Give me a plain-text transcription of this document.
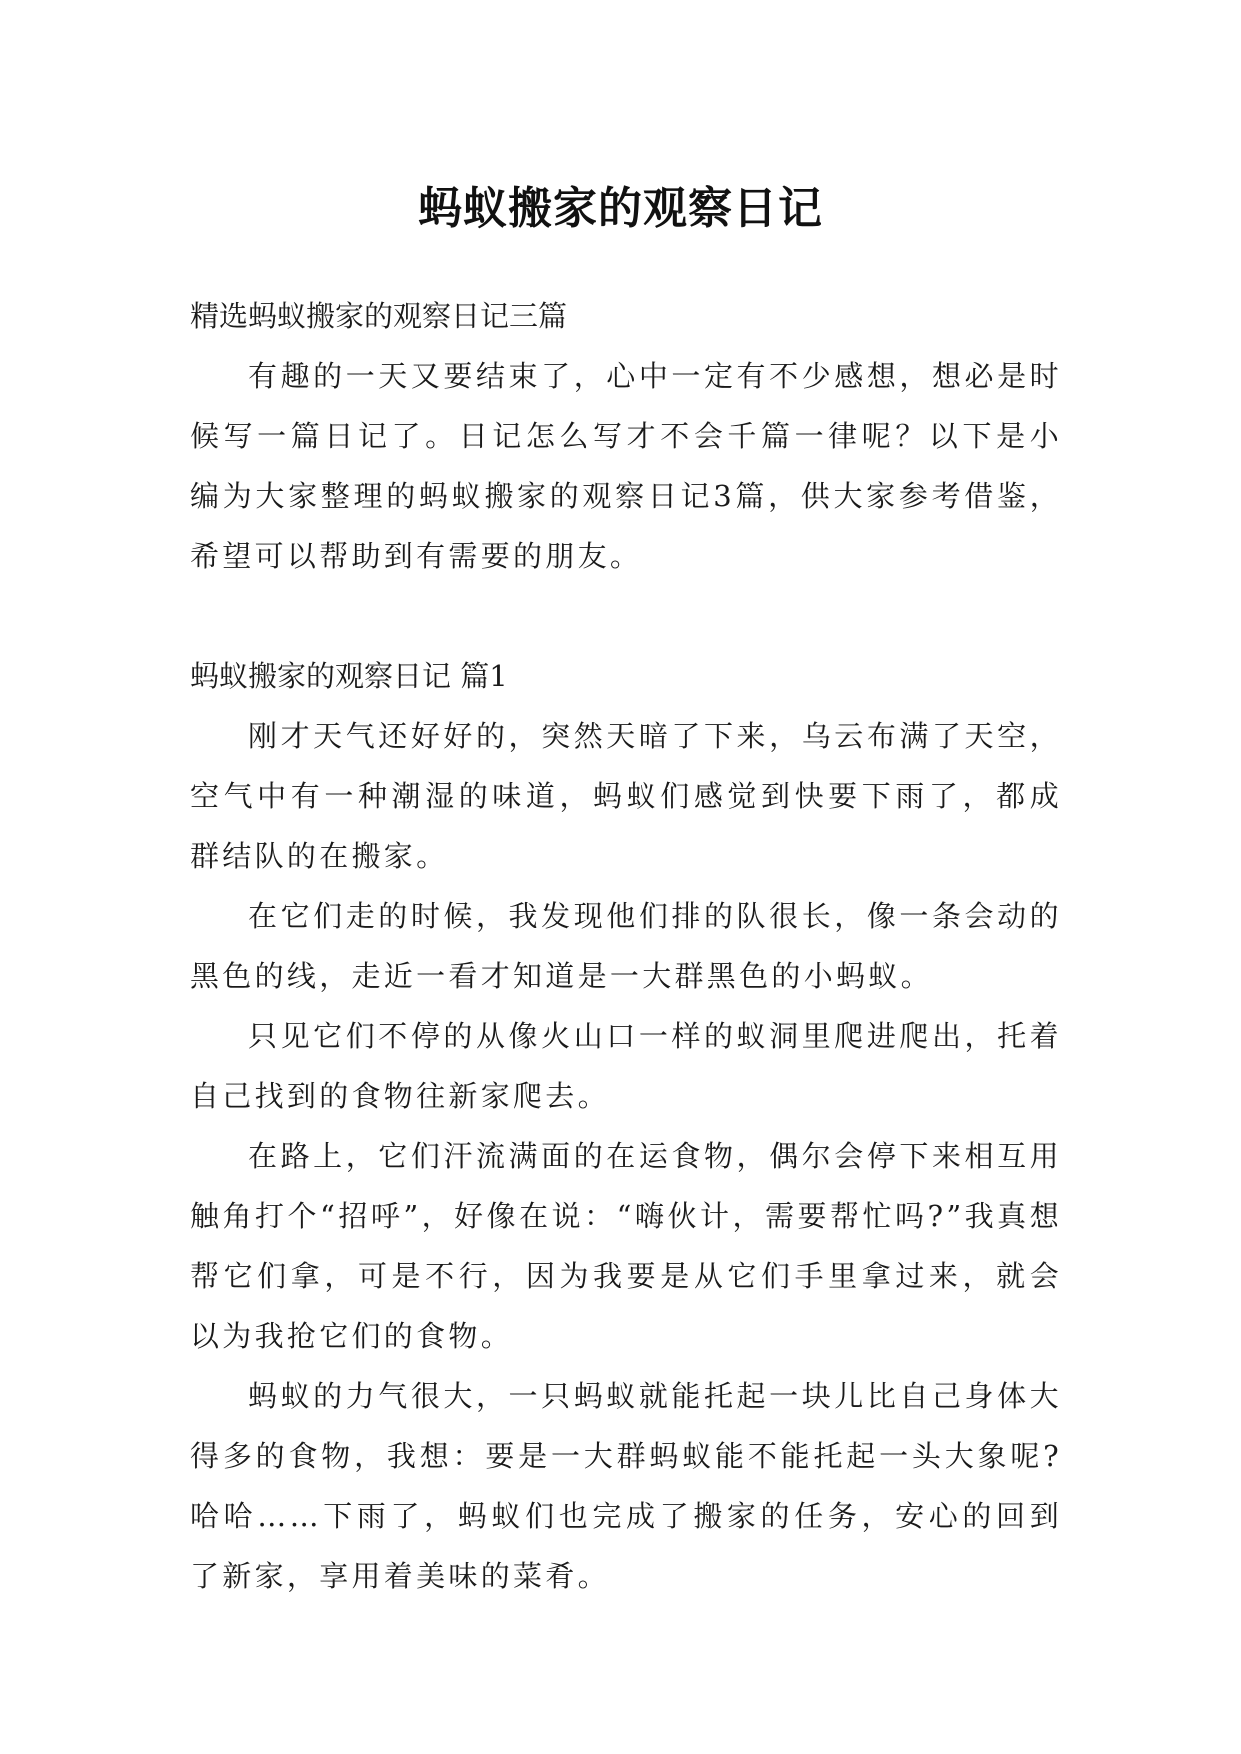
蚂蚁搬家的观察日记

精选蚂蚁搬家的观察日记三篇

有趣的一天又要结束了，心中一定有不少感想，想必是时候写一篇日记了。日记怎么写才不会千篇一律呢？以下是小编为大家整理的蚂蚁搬家的观察日记3篇，供大家参考借鉴，希望可以帮助到有需要的朋友。

蚂蚁搬家的观察日记 篇1

刚才天气还好好的，突然天暗了下来，乌云布满了天空，空气中有一种潮湿的味道，蚂蚁们感觉到快要下雨了，都成群结队的在搬家。

在它们走的时候，我发现他们排的队很长，像一条会动的黑色的线，走近一看才知道是一大群黑色的小蚂蚁。

只见它们不停的从像火山口一样的蚁洞里爬进爬出，托着自己找到的食物往新家爬去。

在路上，它们汗流满面的在运食物，偶尔会停下来相互用触角打个“招呼”，好像在说：“嗨伙计，需要帮忙吗?”我真想帮它们拿，可是不行，因为我要是从它们手里拿过来，就会以为我抢它们的食物。

蚂蚁的力气很大，一只蚂蚁就能托起一块儿比自己身体大得多的食物，我想：要是一大群蚂蚁能不能托起一头大象呢?哈哈……下雨了，蚂蚁们也完成了搬家的任务，安心的回到了新家，享用着美味的菜肴。
